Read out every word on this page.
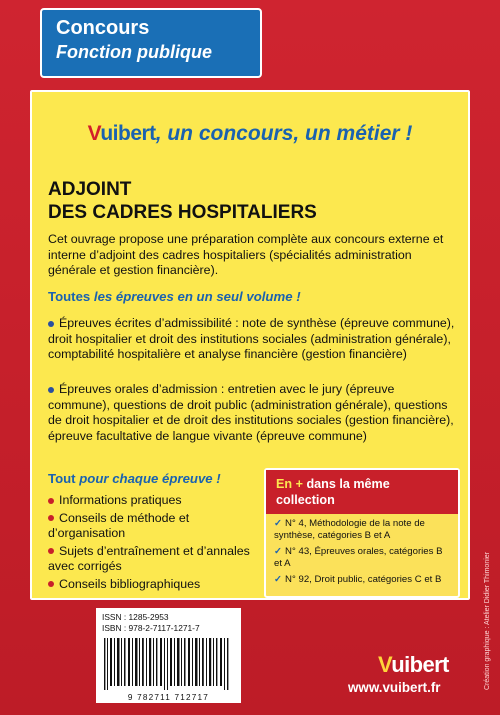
Concours
Fonction publique
Vuibert, un concours, un métier !
ADJOINT
DES CADRES HOSPITALIERS
Cet ouvrage propose une préparation complète aux concours externe et interne d’adjoint des cadres hospitaliers (spécialités administration générale et gestion financière).
Toutes les épreuves en un seul volume !
Épreuves écrites d’admissibilité : note de synthèse (épreuve commune), droit hospitalier et droit des institutions sociales (administration générale), comptabilité hospitalière et analyse financière (gestion financière)
Épreuves orales d’admission : entretien avec le jury (épreuve commune), questions de droit public (administration générale), questions de droit hospitalier et de droit des institutions sociales (gestion financière), épreuve facultative de langue vivante (épreuve commune)
Tout pour chaque épreuve !
Informations pratiques
Conseils de méthode et d’organisation
Sujets d’entraînement et d’annales avec corrigés
Conseils bibliographiques
En + dans la même collection
✓ N° 4, Méthodologie de la note de synthèse, catégories B et A
✓ N° 43, Épreuves orales, catégories B et A
✓ N° 92, Droit public, catégories C et B
ISSN : 1285-2953
ISBN : 978-2-7117-1271-7
9 782711 712717
Vuibert
www.vuibert.fr	Création graphique : Atelier Didier Thimonier
